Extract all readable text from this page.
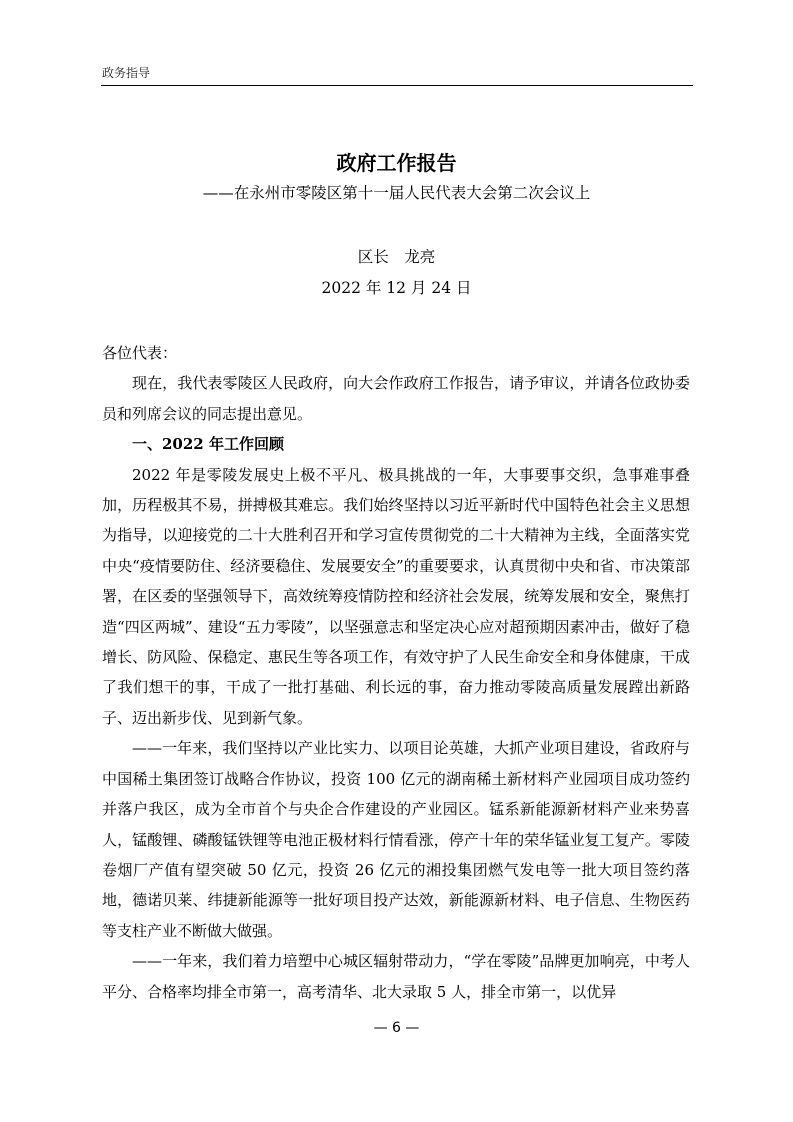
政务指导
政府工作报告
——在永州市零陵区第十一届人民代表大会第二次会议上
区长　龙亮
2022 年 12 月 24 日

各位代表：

现在，我代表零陵区人民政府，向大会作政府工作报告，请予审议，并请各位政协委员和列席会议的同志提出意见。

一、2022 年工作回顾

2022 年是零陵发展史上极不平凡、极具挑战的一年，大事要事交织，急事难事叠加，历程极其不易，拼搏极其难忘。我们始终坚持以习近平新时代中国特色社会主义思想为指导，以迎接党的二十大胜利召开和学习宣传贯彻党的二十大精神为主线，全面落实党中央“疫情要防住、经济要稳住、发展要安全”的重要要求，认真贯彻中央和省、市决策部署，在区委的坚强领导下，高效统筹疫情防控和经济社会发展，统筹发展和安全，聚焦打造“四区两城”、建设“五力零陵”，以坚强意志和坚定决心应对超预期因素冲击，做好了稳增长、防风险、保稳定、惠民生等各项工作，有效守护了人民生命安全和身体健康，干成了我们想干的事，干成了一批打基础、利长远的事，奋力推动零陵高质量发展蹚出新路子、迈出新步伐、见到新气象。

——一年来，我们坚持以产业比实力、以项目论英雄，大抓产业项目建设，省政府与中国稀土集团签订战略合作协议，投资 100 亿元的湖南稀土新材料产业园项目成功签约并落户我区，成为全市首个与央企合作建设的产业园区。锰系新能源新材料产业来势喜人，锰酸锂、磷酸锰铁锂等电池正极材料行情看涨，停产十年的荣华锰业复工复产。零陵卷烟厂产值有望突破 50 亿元，投资 26 亿元的湘投集团燃气发电等一批大项目签约落地，德诺贝莱、纬捷新能源等一批好项目投产达效，新能源新材料、电子信息、生物医药等支柱产业不断做大做强。

——一年来，我们着力培塑中心城区辐射带动力，“学在零陵”品牌更加响亮，中考人平分、合格率均排全市第一，高考清华、北大录取 5 人，排全市第一，以优异

— 6 —
